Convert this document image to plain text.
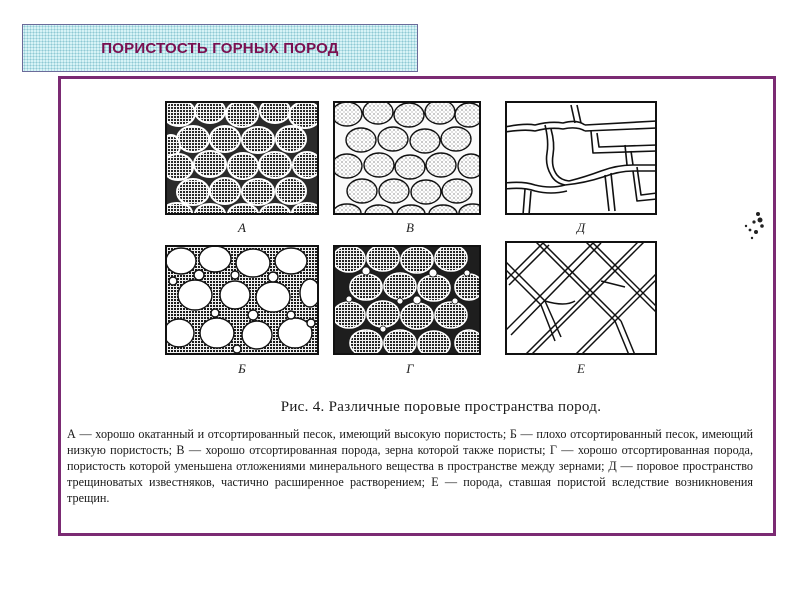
ПОРИСТОСТЬ ГОРНЫХ ПОРОД
А	В	Д
Б	Г	Е
Рис. 4. Различные поровые пространства пород.
А — хорошо окатанный и отсортированный песок, имеющий высокую пористость; Б — плохо отсортированный песок, имеющий низкую пористость; В — хорошо отсортированная порода, зерна которой также пористы; Г — хорошо отсортированная порода, пористость которой уменьшена отложениями минерального вещества в пространстве между зернами; Д — поровое пространство трещиноватых известняков, частично расширенное растворением; Е — порода, ставшая пористой вследствие возникновения трещин.
